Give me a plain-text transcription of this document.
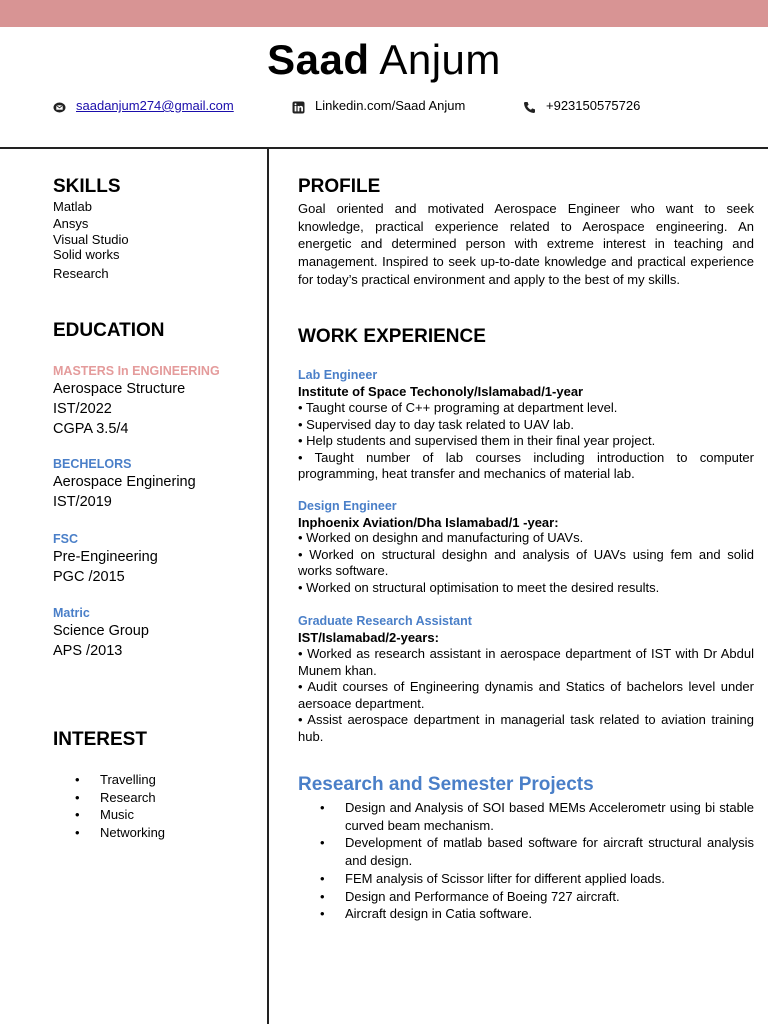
Saad Anjum
saadanjum274@gmail.com	Linkedin.com/Saad Anjum	+923150575726
SKILLS
Matlab
Ansys
Visual Studio
Solid works
Research
EDUCATION
MASTERS In ENGINEERING
Aerospace Structure
IST/2022
CGPA 3.5/4
BECHELORS
Aerospace Enginering
IST/2019
FSC
Pre-Engineering
PGC /2015
Matric
Science Group
APS /2013
INTEREST
• Travelling
• Research
• Music
• Networking
PROFILE
Goal oriented and motivated Aerospace Engineer who want to seek knowledge, practical experience related to Aerospace engineering. An energetic and determined person with extreme interest in teaching and management. Inspired to seek up-to-date knowledge and practical experience for today’s practical environment and apply to the best of my skills.
WORK EXPERIENCE
Lab Engineer
Institute of Space Techonoly/Islamabad/1-year

• Taught course of C++ programing at department level.

• Supervised day to day task related to UAV lab.

• Help students and supervised them in their final year project.

• Taught number of lab courses including introduction to computer programming, heat transfer and mechanics of material lab.

Design Engineer
Inphoenix Aviation/Dha Islamabad/1 -year:

• Worked on desighn and manufacturing of UAVs.

• Worked on structural desighn and analysis of UAVs using fem and solid works software.

• Worked on structural optimisation to meet the desired results.

Graduate Research Assistant
IST/Islamabad/2-years:

• Worked as research assistant in aerospace department of IST with Dr Abdul Munem khan.

• Audit courses of Engineering dynamis and Statics of bachelors level under aersoace department.

• Assist aerospace department in managerial task related to aviation training hub.

Research and Semester Projects
• Design and Analysis of SOI based MEMs Accelerometr using bi stable curved beam mechanism.
• Development of matlab based software for aircraft structural analysis and design.
• FEM analysis of Scissor lifter for different applied loads.
• Design and Performance of Boeing 727 aircraft.
• Aircraft design in Catia software.
